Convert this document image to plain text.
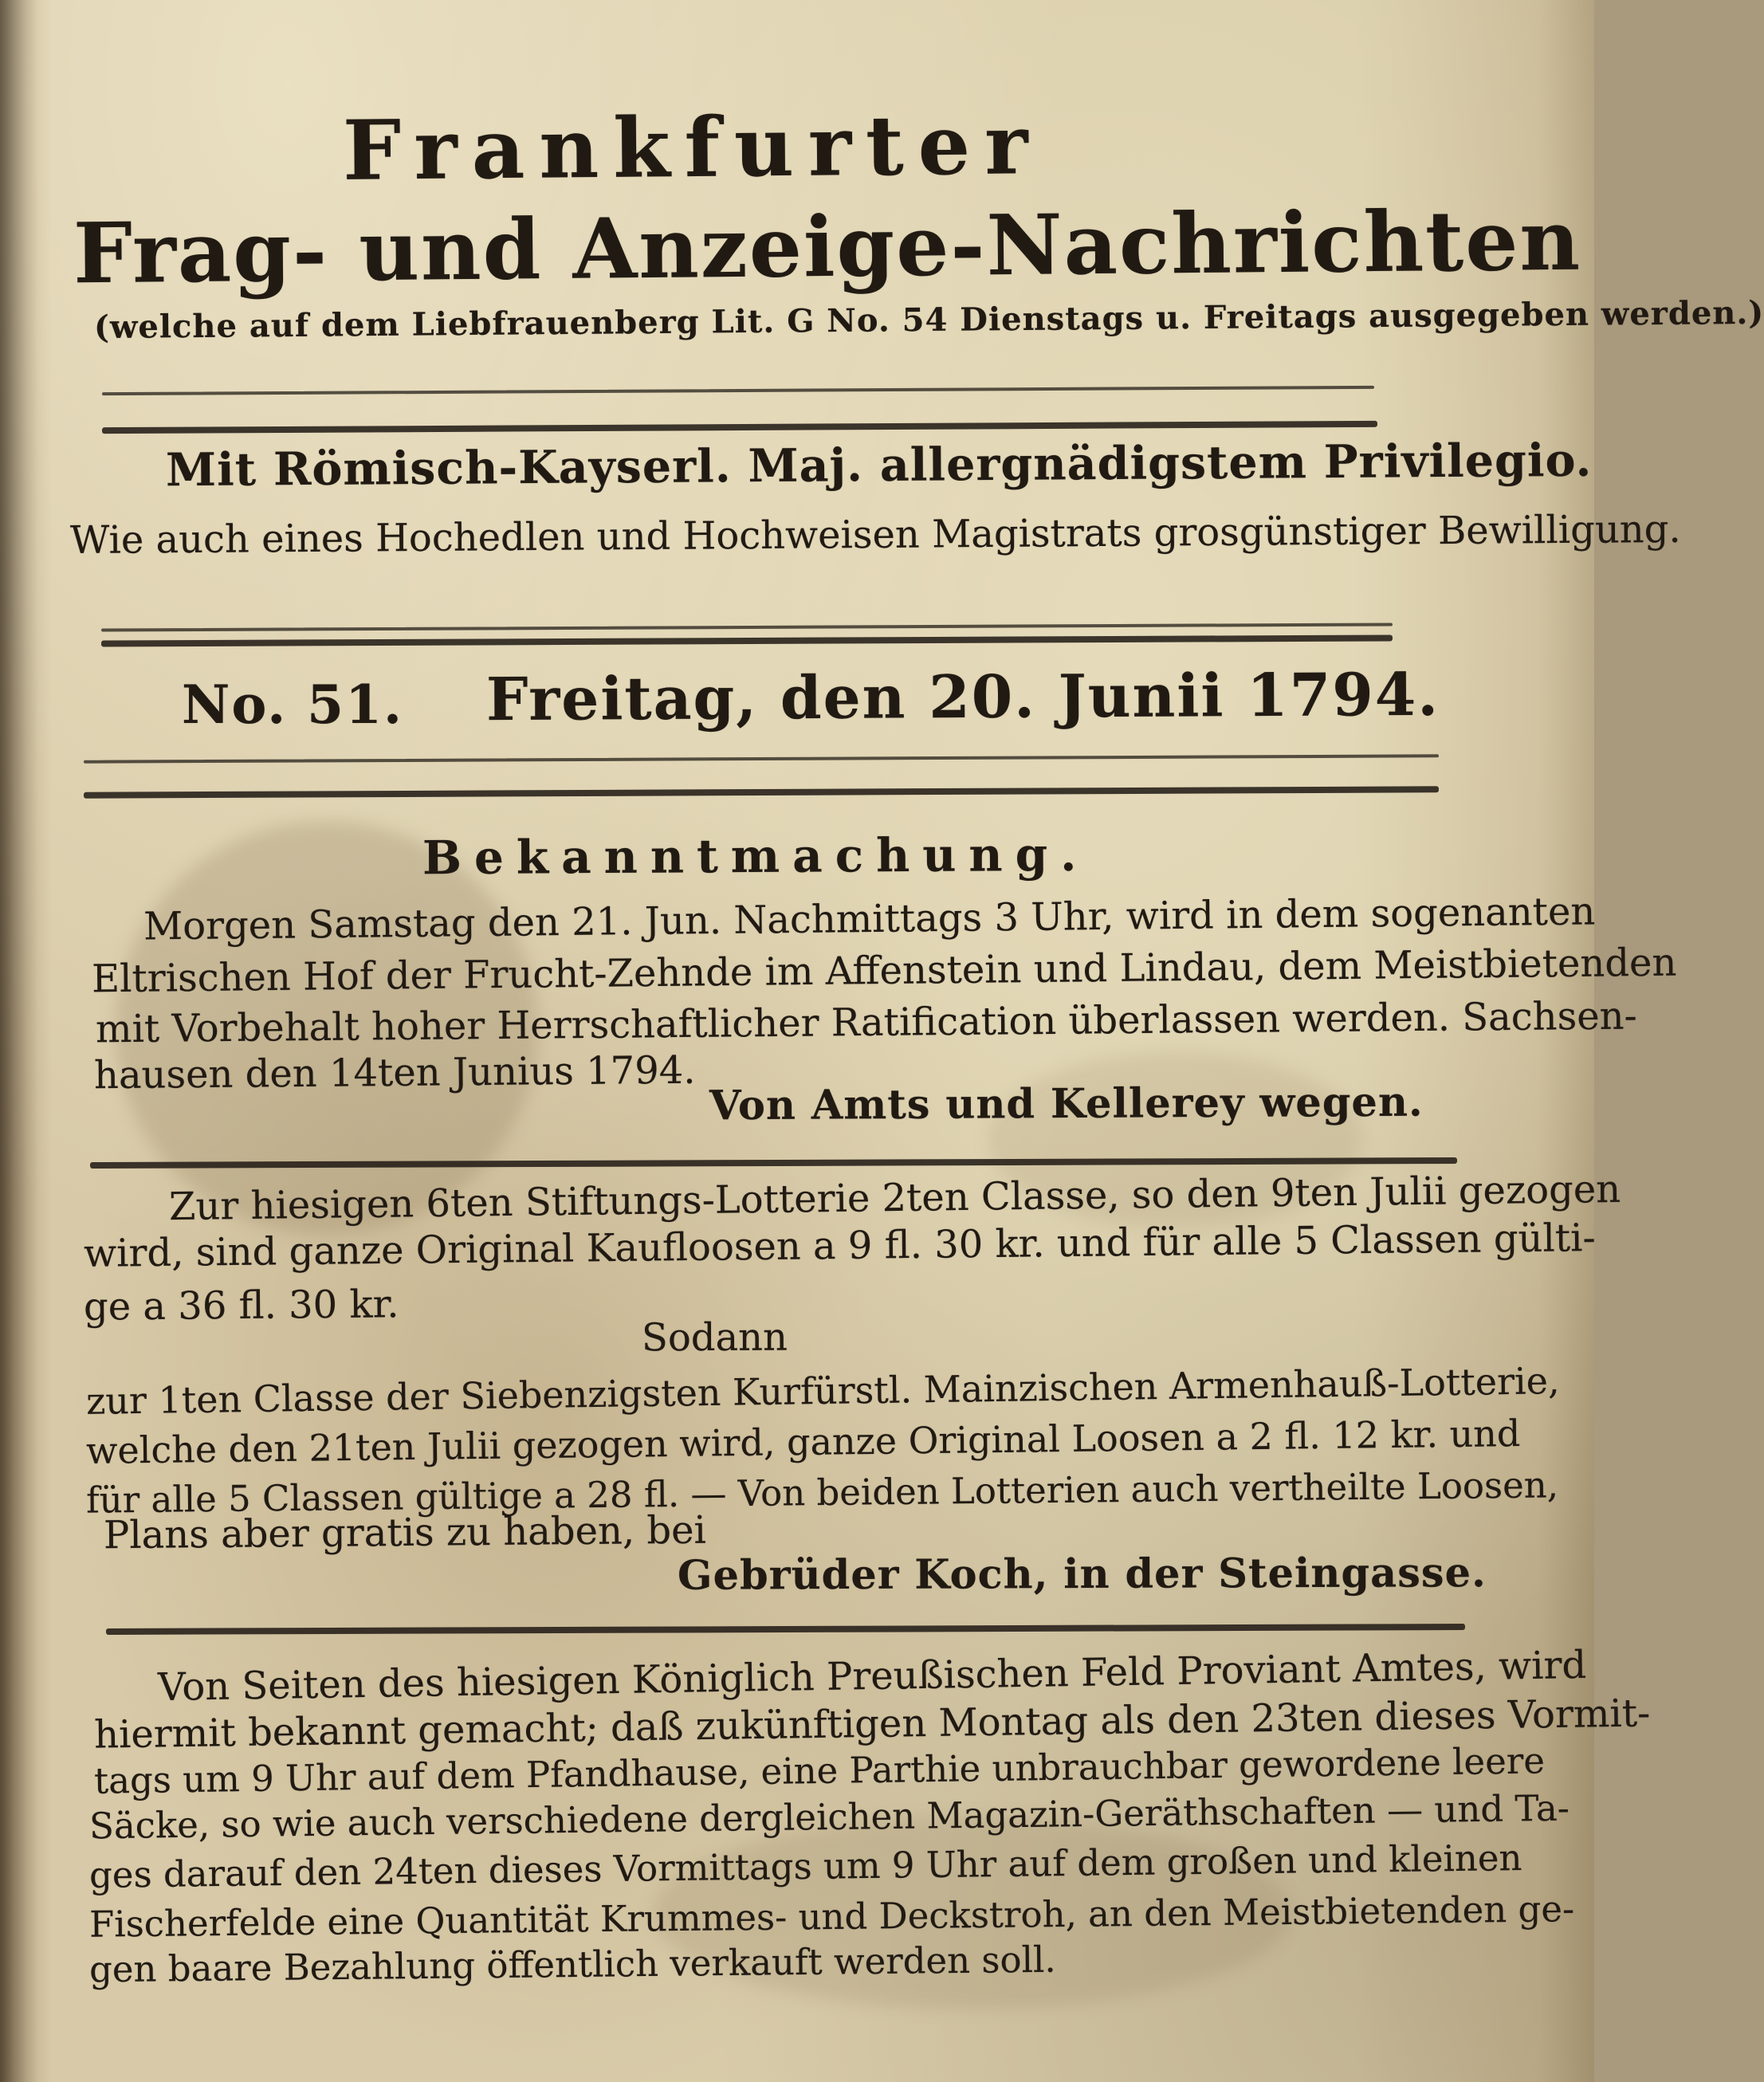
Frankfurter
Frag- und Anzeige-Nachrichten
(welche auf dem Liebfrauenberg Lit. G No. 54 Dienstags u. Freitags ausgegeben werden.)
Mit Römisch-Kayserl. Maj. allergnädigstem Privilegio.
Wie auch eines Hochedlen und Hochweisen Magistrats grosgünstiger Bewilligung.
No. 51. Freitag, den 20. Junii 1794.
Bekanntmachung.
Morgen Samstag den 21. Jun. Nachmittags 3 Uhr, wird in dem sogenanten
Eltrischen Hof der Frucht-Zehnde im Affenstein und Lindau, dem Meistbietenden
mit Vorbehalt hoher Herrschaftlicher Ratification überlassen werden. Sachsen-
hausen den 14ten Junius 1794.
Von Amts und Kellerey wegen.
Zur hiesigen 6ten Stiftungs-Lotterie 2ten Classe, so den 9ten Julii gezogen
wird, sind ganze Original Kaufloosen a 9 fl. 30 kr. und für alle 5 Classen gülti-
ge a 36 fl. 30 kr.
Sodann
zur 1ten Classe der Siebenzigsten Kurfürstl. Mainzischen Armenhauß-Lotterie,
welche den 21ten Julii gezogen wird, ganze Original Loosen a 2 fl. 12 kr. und
für alle 5 Classen gültige a 28 fl. — Von beiden Lotterien auch vertheilte Loosen,
Plans aber gratis zu haben, bei
Gebrüder Koch, in der Steingasse.
Von Seiten des hiesigen Königlich Preußischen Feld Proviant Amtes, wird
hiermit bekannt gemacht; daß zukünftigen Montag als den 23ten dieses Vormit-
tags um 9 Uhr auf dem Pfandhause, eine Parthie unbrauchbar gewordene leere
Säcke, so wie auch verschiedene dergleichen Magazin-Geräthschaften — und Ta-
ges darauf den 24ten dieses Vormittags um 9 Uhr auf dem großen und kleinen
Fischerfelde eine Quantität Krummes- und Deckstroh, an den Meistbietenden ge-
gen baare Bezahlung öffentlich verkauft werden soll.
